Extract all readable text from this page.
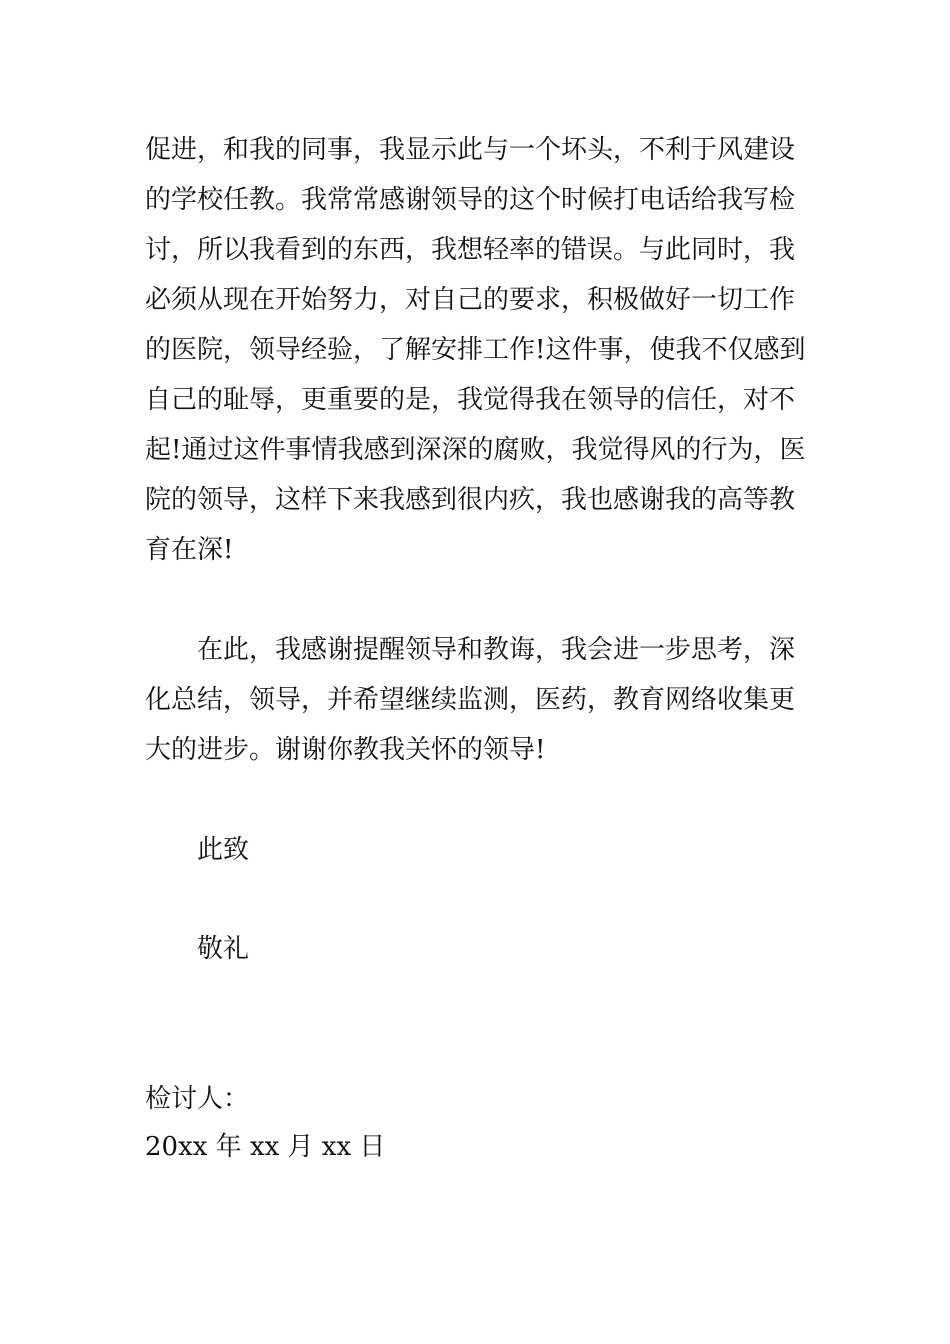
促进，和我的同事，我显示此与一个坏头，不利于风建设
的学校任教。我常常感谢领导的这个时候打电话给我写检
讨，所以我看到的东西，我想轻率的错误。与此同时，我
必须从现在开始努力，对自己的要求，积极做好一切工作
的医院，领导经验，了解安排工作!这件事，使我不仅感到
自己的耻辱，更重要的是，我觉得我在领导的信任，对不
起!通过这件事情我感到深深的腐败，我觉得风的行为，医
院的领导，这样下来我感到很内疚，我也感谢我的高等教
育在深!
在此，我感谢提醒领导和教诲，我会进一步思考，深
化总结，领导，并希望继续监测，医药，教育网络收集更
大的进步。谢谢你教我关怀的领导!
此致
敬礼
检讨人：
20xx 年 xx 月 xx 日
